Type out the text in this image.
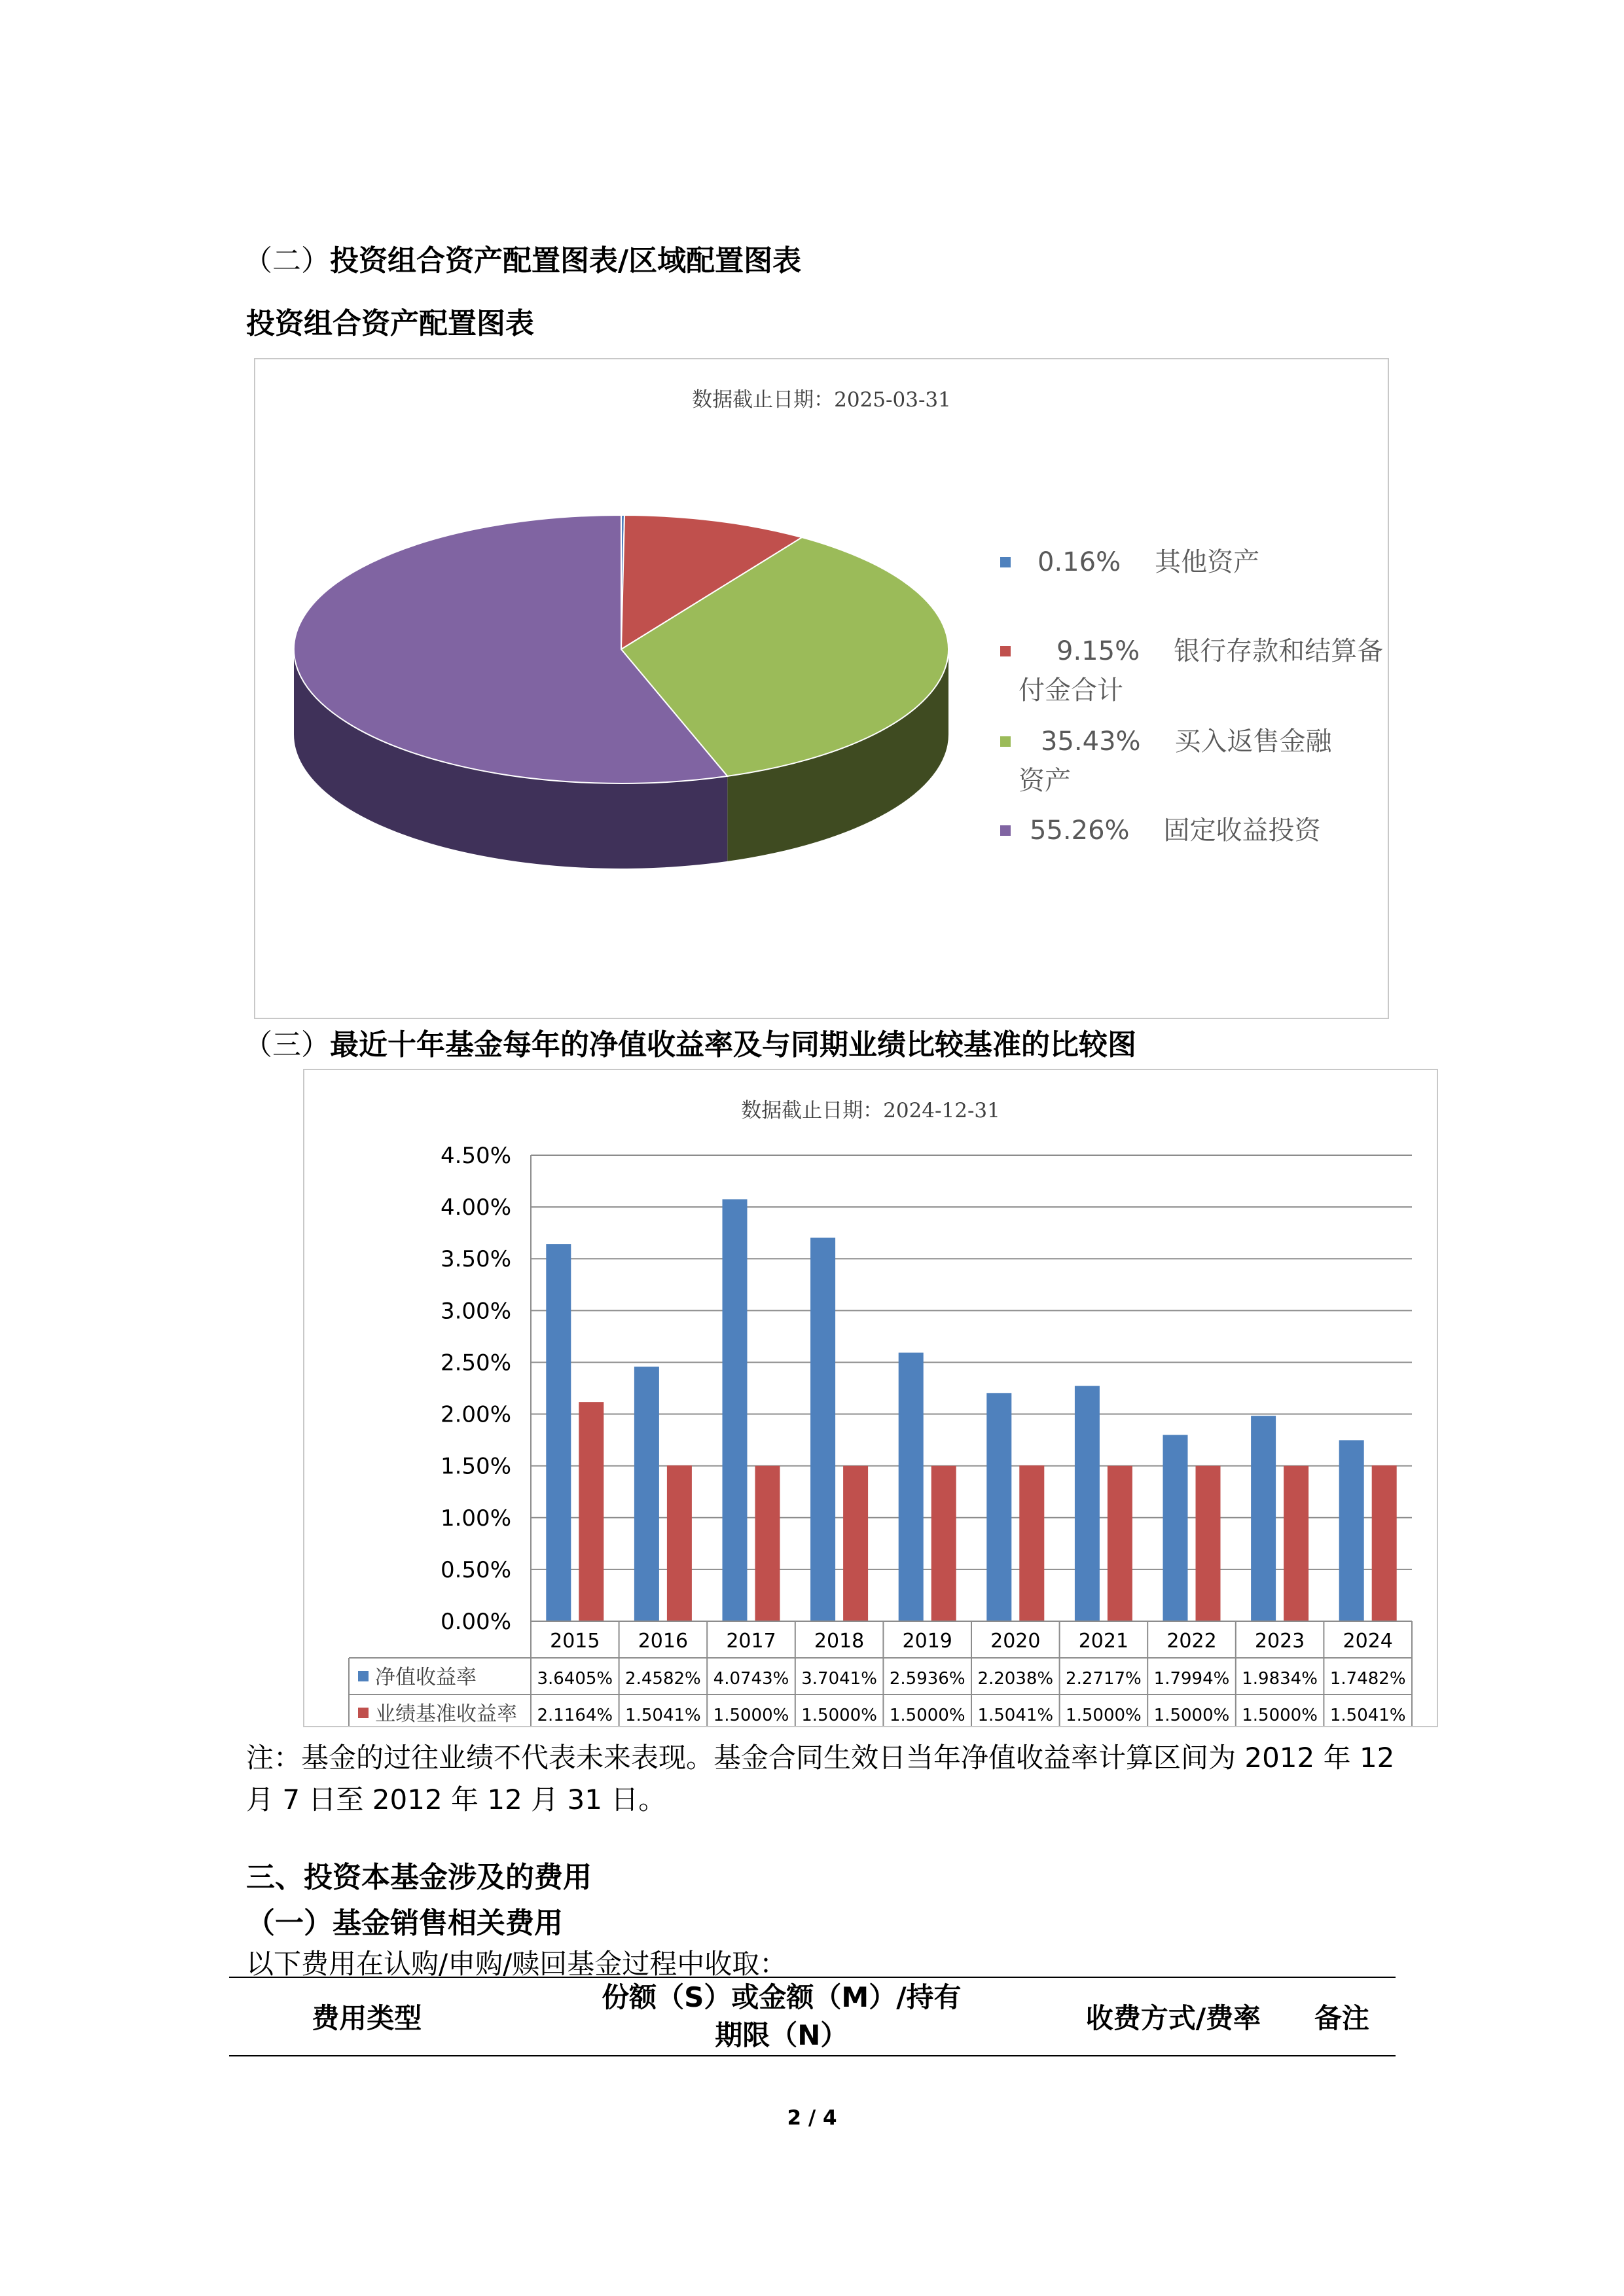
（二）投资组合资产配置图表/区域配置图表
投资组合资产配置图表
数据截止日期：2025-03-31
0.16% 其他资产
9.15% 银行存款和结算备付金合计
35.43% 买入返售金融资产
55.26% 固定收益投资
（三）最近十年基金每年的净值收益率及与同期业绩比较基准的比较图
数据截止日期：2024-12-31
0.00%
0.50%
1.00%
1.50%
2.00%
2.50%
3.00%
3.50%
4.00%
4.50%
2015 2016 2017 2018 2019 2020 2021 2022 2023 2024
净值收益率	3.6405% 2.4582% 4.0743% 3.7041% 2.5936% 2.2038% 2.2717% 1.7994% 1.9834% 1.7482%
业绩基准收益率 2.1164% 1.5041% 1.5000% 1.5000% 1.5000% 1.5041% 1.5000% 1.5000% 1.5000% 1.5041%
注：基金的过往业绩不代表未来表现。基金合同生效日当年净值收益率计算区间为 2012 年 12 月 7 日至 2012 年 12 月 31 日。
三、投资本基金涉及的费用
（一）基金销售相关费用
以下费用在认购/申购/赎回基金过程中收取：
费用类型	份额（S）或金额（M）/持有期限（N）	收费方式/费率	备注
2 / 4
